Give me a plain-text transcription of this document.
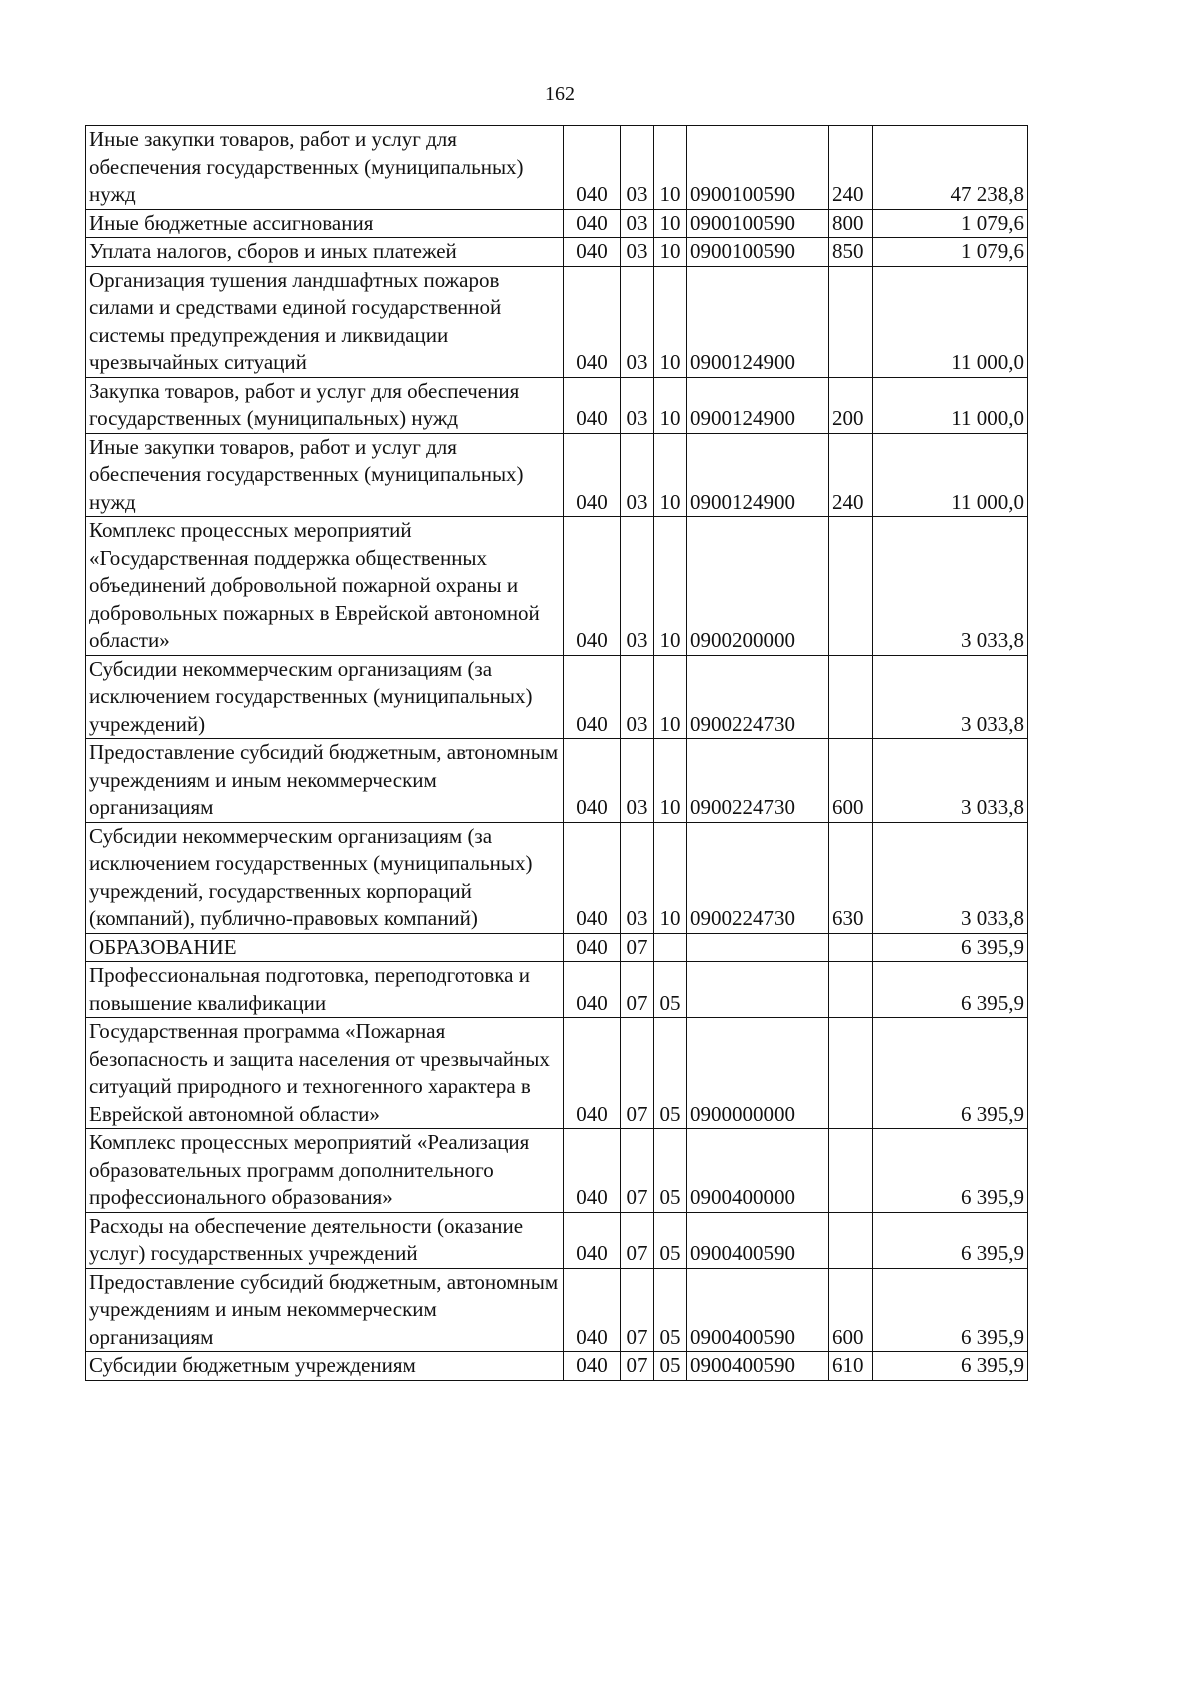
162
Иные закупки товаров, работ и услуг для обеспечения государственных (муниципальных) нужд	040	03	10	0900100590	240	47 238,8
Иные бюджетные ассигнования	040	03	10	0900100590	800	1 079,6
Уплата налогов, сборов и иных платежей	040	03	10	0900100590	850	1 079,6
Организация тушения ландшафтных пожаров силами и средствами единой государственной системы предупреждения и ликвидации чрезвычайных ситуаций	040	03	10	0900124900		11 000,0
Закупка товаров, работ и услуг для обеспечения государственных (муниципальных) нужд	040	03	10	0900124900	200	11 000,0
Иные закупки товаров, работ и услуг для обеспечения государственных (муниципальных) нужд	040	03	10	0900124900	240	11 000,0
Комплекс процессных мероприятий «Государственная поддержка общественных объединений добровольной пожарной охраны и добровольных пожарных в Еврейской автономной области»	040	03	10	0900200000		3 033,8
Субсидии некоммерческим организациям (за исключением государственных (муниципальных) учреждений)	040	03	10	0900224730		3 033,8
Предоставление субсидий бюджетным, автономным учреждениям и иным некоммерческим организациям	040	03	10	0900224730	600	3 033,8
Субсидии некоммерческим организациям (за исключением государственных (муниципальных) учреждений, государственных корпораций (компаний), публично-правовых компаний)	040	03	10	0900224730	630	3 033,8
ОБРАЗОВАНИЕ	040	07				6 395,9
Профессиональная подготовка, переподготовка и повышение квалификации	040	07	05			6 395,9
Государственная программа «Пожарная безопасность и защита населения от чрезвычайных ситуаций природного и техногенного характера в Еврейской автономной области»	040	07	05	0900000000		6 395,9
Комплекс процессных мероприятий «Реализация образовательных программ дополнительного профессионального образования»	040	07	05	0900400000		6 395,9
Расходы на обеспечение деятельности (оказание услуг) государственных учреждений	040	07	05	0900400590		6 395,9
Предоставление субсидий бюджетным, автономным учреждениям и иным некоммерческим организациям	040	07	05	0900400590	600	6 395,9
Субсидии бюджетным учреждениям	040	07	05	0900400590	610	6 395,9
